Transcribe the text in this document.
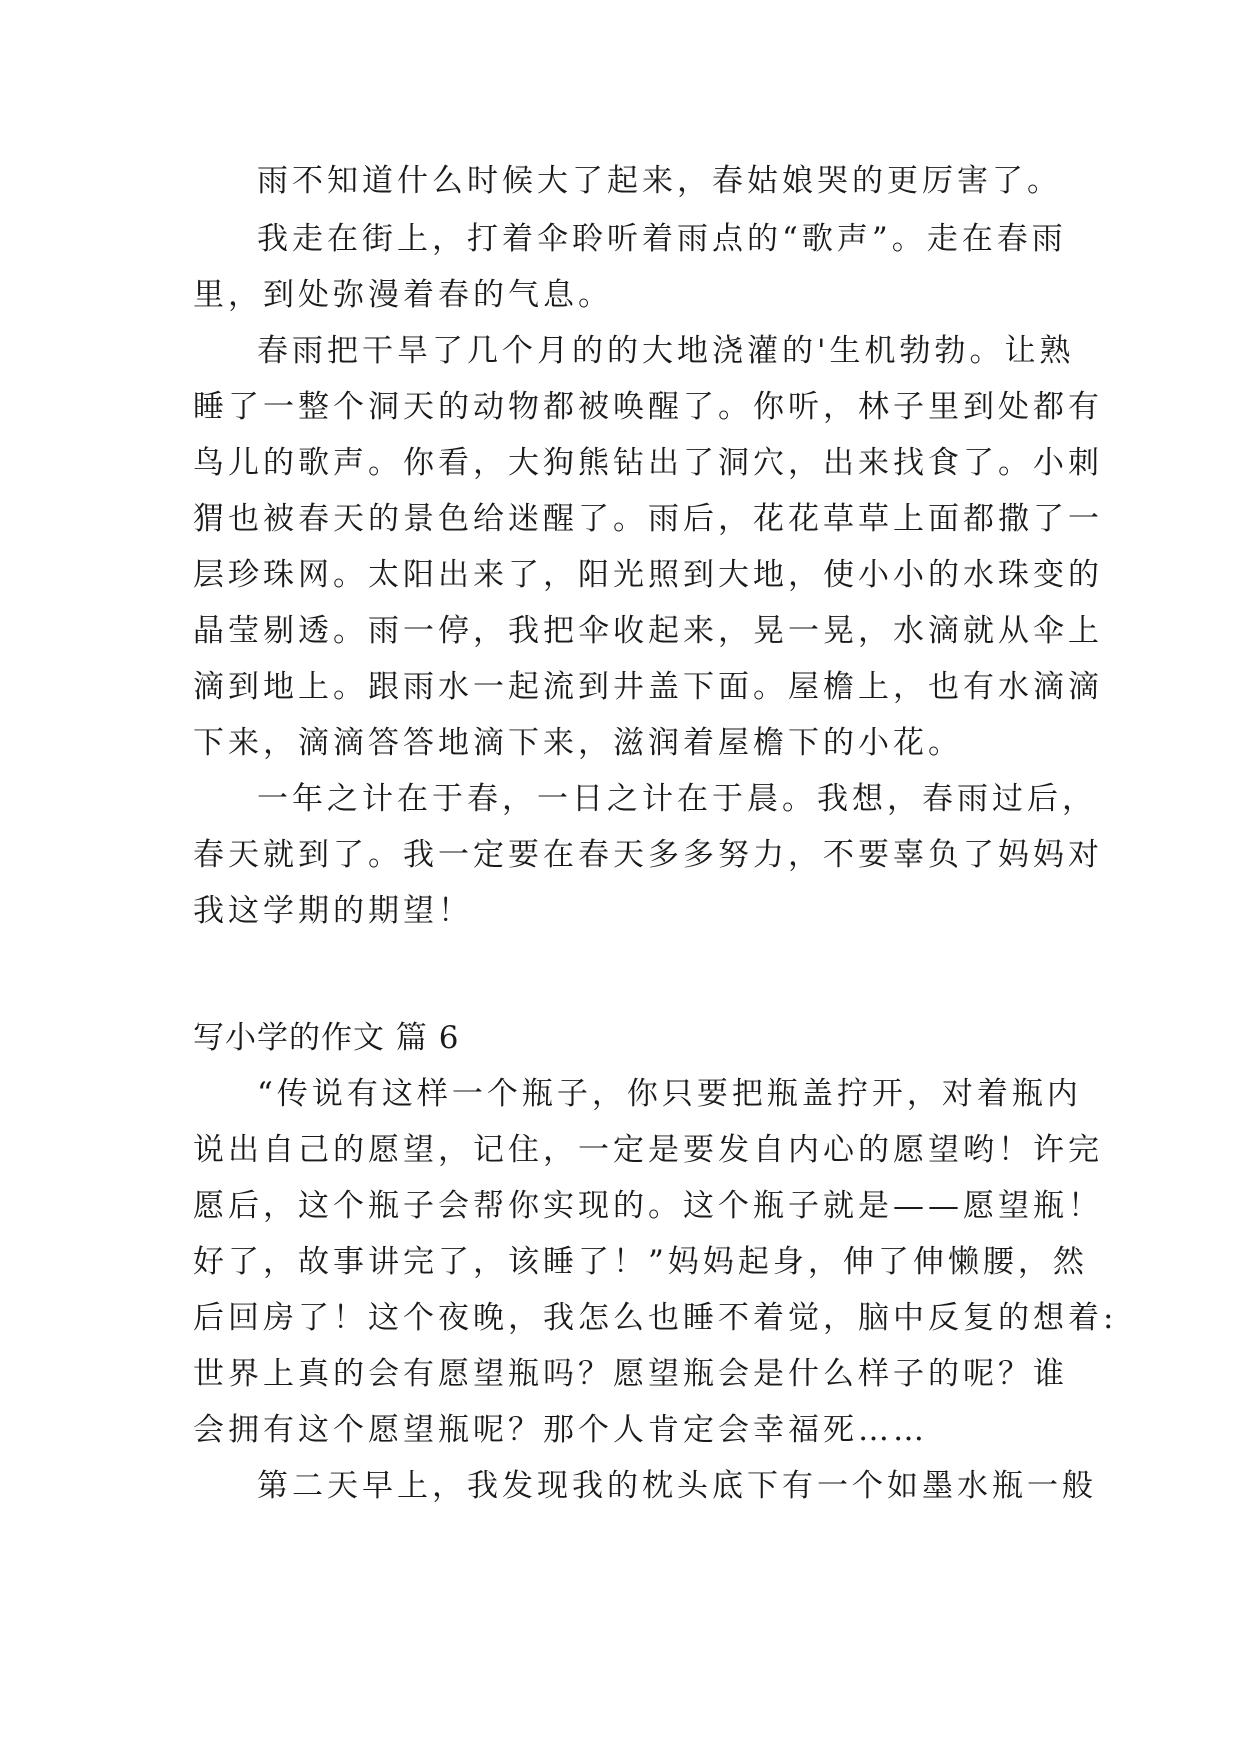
雨不知道什么时候大了起来，春姑娘哭的更厉害了。
我走在街上，打着伞聆听着雨点的“歌声”。走在春雨
里，到处弥漫着春的气息。
春雨把干旱了几个月的的大地浇灌的'生机勃勃。让熟
睡了一整个洞天的动物都被唤醒了。你听，林子里到处都有
鸟儿的歌声。你看，大狗熊钻出了洞穴，出来找食了。小刺
猬也被春天的景色给迷醒了。雨后，花花草草上面都撒了一
层珍珠网。太阳出来了，阳光照到大地，使小小的水珠变的
晶莹剔透。雨一停，我把伞收起来，晃一晃，水滴就从伞上
滴到地上。跟雨水一起流到井盖下面。屋檐上，也有水滴滴
下来，滴滴答答地滴下来，滋润着屋檐下的小花。
一年之计在于春，一日之计在于晨。我想，春雨过后，
春天就到了。我一定要在春天多多努力，不要辜负了妈妈对
我这学期的期望！
写小学的作文 篇 6
“传说有这样一个瓶子，你只要把瓶盖拧开，对着瓶内
说出自己的愿望，记住，一定是要发自内心的愿望哟！许完
愿后，这个瓶子会帮你实现的。这个瓶子就是——愿望瓶！
好了，故事讲完了，该睡了！”妈妈起身，伸了伸懒腰，然
后回房了！这个夜晚，我怎么也睡不着觉，脑中反复的想着:
世界上真的会有愿望瓶吗？愿望瓶会是什么样子的呢？谁
会拥有这个愿望瓶呢？那个人肯定会幸福死……
第二天早上，我发现我的枕头底下有一个如墨水瓶一般
